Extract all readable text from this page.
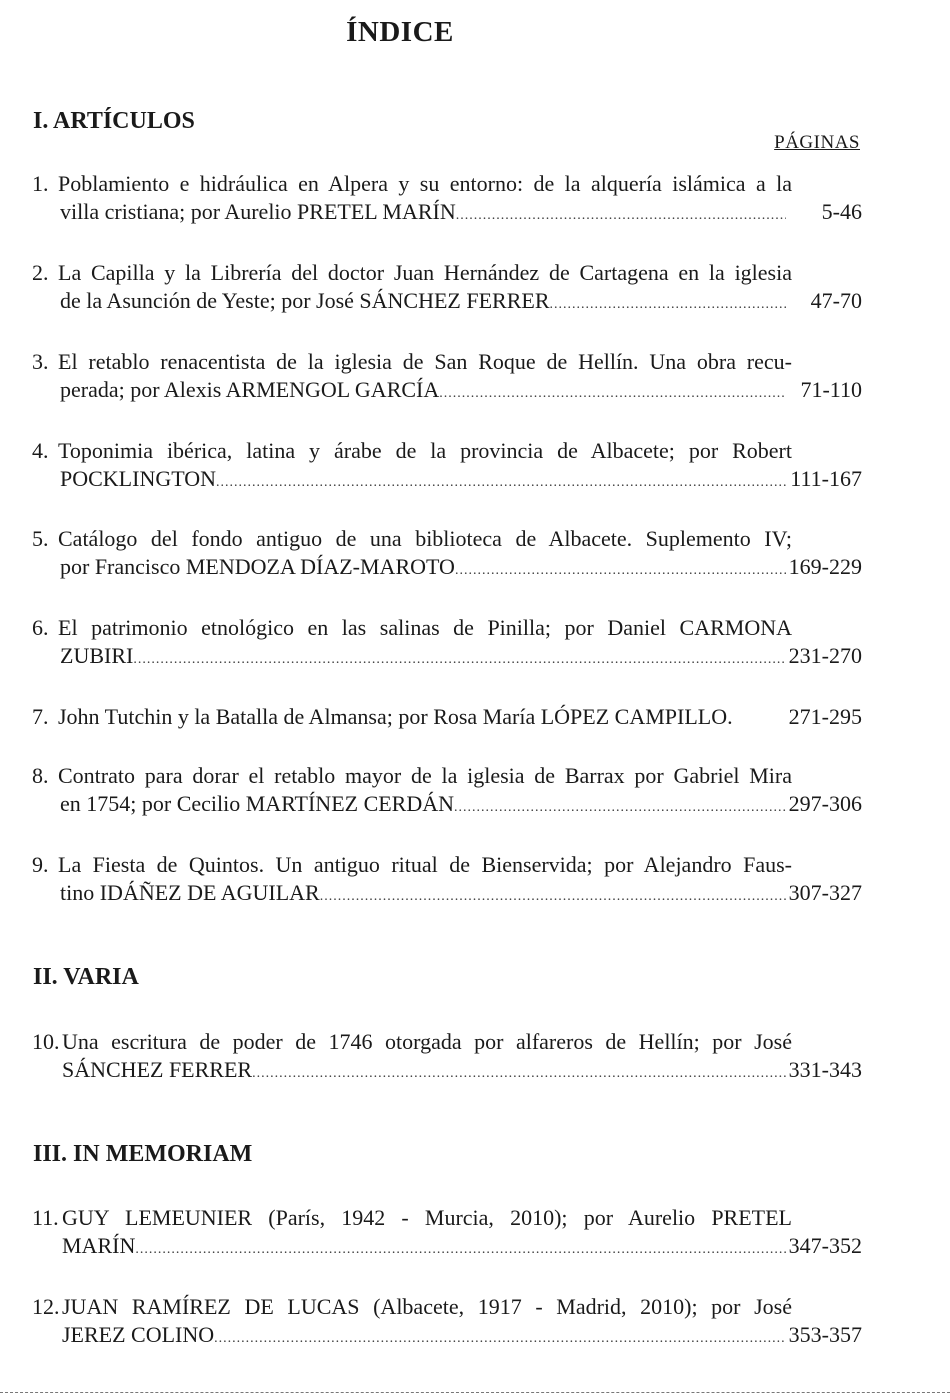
ÍNDICE
I. ARTÍCULOS
PÁGINAS
1. Poblamiento e hidráulica en Alpera y su entorno: de la alquería islámica a la
villa cristiana; por Aurelio PRETEL MARÍN .....	5-46
2. La Capilla y la Librería del doctor Juan Hernández de Cartagena en la iglesia
de la Asunción de Yeste; por José SÁNCHEZ FERRER .....	47-70
3. El retablo renacentista de la iglesia de San Roque de Hellín. Una obra recu-
perada; por Alexis ARMENGOL GARCÍA .....	71-110
4. Toponimia ibérica, latina y árabe de la provincia de Albacete; por Robert
POCKLINGTON .....	111-167
5. Catálogo del fondo antiguo de una biblioteca de Albacete. Suplemento IV;
por Francisco MENDOZA DÍAZ-MAROTO .....	169-229
6. El patrimonio etnológico en las salinas de Pinilla; por Daniel CARMONA
ZUBIRI .....	231-270
7. John Tutchin y la Batalla de Almansa; por Rosa María LÓPEZ CAMPILLO.	271-295
8. Contrato para dorar el retablo mayor de la iglesia de Barrax por Gabriel Mira
en 1754; por Cecilio MARTÍNEZ CERDÁN .....	297-306
9. La Fiesta de Quintos. Un antiguo ritual de Bienservida; por Alejandro Faus-
tino IDÁÑEZ DE AGUILAR .....	307-327
II. VARIA
10. Una escritura de poder de 1746 otorgada por alfareros de Hellín; por José
SÁNCHEZ FERRER .....	331-343
III. IN MEMORIAM
11. GUY LEMEUNIER (París, 1942 - Murcia, 2010); por Aurelio PRETEL
MARÍN .....	347-352
12. JUAN RAMÍREZ DE LUCAS (Albacete, 1917 - Madrid, 2010); por José
JEREZ COLINO .....	353-357
